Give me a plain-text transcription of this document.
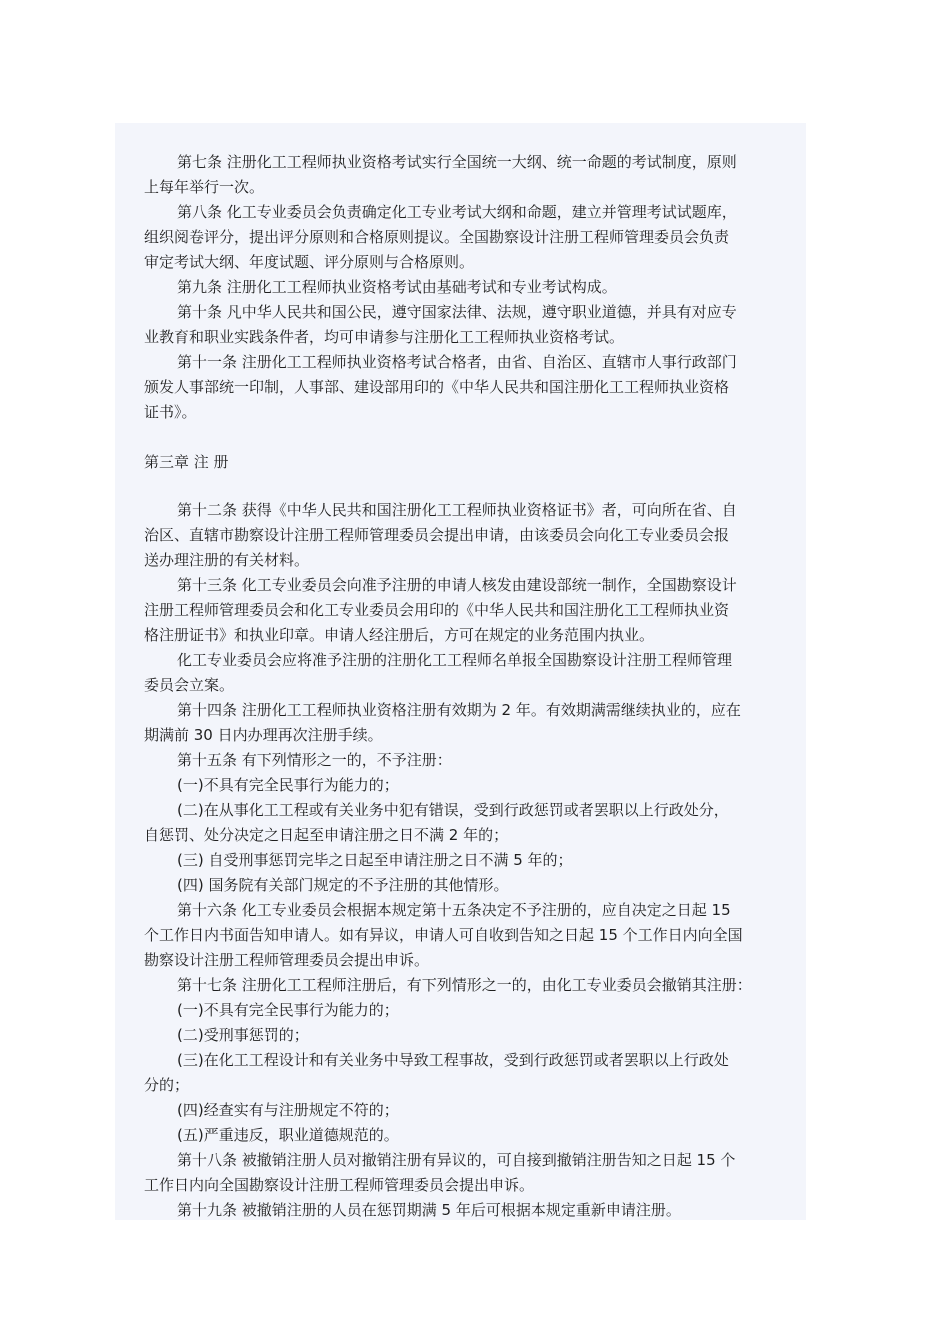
第七条 注册化工工程师执业资格考试实行全国统一大纲、统一命题的考试制度，原则

上每年举行一次。

第八条 化工专业委员会负责确定化工专业考试大纲和命题，建立并管理考试试题库，

组织阅卷评分，提出评分原则和合格原则提议。全国勘察设计注册工程师管理委员会负责

审定考试大纲、年度试题、评分原则与合格原则。

第九条 注册化工工程师执业资格考试由基础考试和专业考试构成。

第十条 凡中华人民共和国公民，遵守国家法律、法规，遵守职业道德，并具有对应专

业教育和职业实践条件者，均可申请参与注册化工工程师执业资格考试。

第十一条 注册化工工程师执业资格考试合格者，由省、自治区、直辖市人事行政部门

颁发人事部统一印制，人事部、建设部用印的《中华人民共和国注册化工工程师执业资格

证书》。

第三章 注 册

第十二条 获得《中华人民共和国注册化工工程师执业资格证书》者，可向所在省、自

治区、直辖市勘察设计注册工程师管理委员会提出申请，由该委员会向化工专业委员会报

送办理注册的有关材料。

第十三条 化工专业委员会向准予注册的申请人核发由建设部统一制作，全国勘察设计

注册工程师管理委员会和化工专业委员会用印的《中华人民共和国注册化工工程师执业资

格注册证书》和执业印章。申请人经注册后，方可在规定的业务范围内执业。

化工专业委员会应将准予注册的注册化工工程师名单报全国勘察设计注册工程师管理

委员会立案。

第十四条 注册化工工程师执业资格注册有效期为 2 年。有效期满需继续执业的，应在

期满前 30 日内办理再次注册手续。

第十五条 有下列情形之一的，不予注册：

(一)不具有完全民事行为能力的；

(二)在从事化工工程或有关业务中犯有错误，受到行政惩罚或者罢职以上行政处分，

自惩罚、处分决定之日起至申请注册之日不满 2 年的；

(三) 自受刑事惩罚完毕之日起至申请注册之日不满 5 年的；

(四) 国务院有关部门规定的不予注册的其他情形。

第十六条 化工专业委员会根据本规定第十五条决定不予注册的，应自决定之日起 15

个工作日内书面告知申请人。如有异议，申请人可自收到告知之日起 15 个工作日内向全国

勘察设计注册工程师管理委员会提出申诉。

第十七条 注册化工工程师注册后，有下列情形之一的，由化工专业委员会撤销其注册：

(一)不具有完全民事行为能力的；

(二)受刑事惩罚的；

(三)在化工工程设计和有关业务中导致工程事故，受到行政惩罚或者罢职以上行政处

分的；

(四)经查实有与注册规定不符的；

(五)严重违反，职业道德规范的。

第十八条 被撤销注册人员对撤销注册有异议的，可自接到撤销注册告知之日起 15 个

工作日内向全国勘察设计注册工程师管理委员会提出申诉。

第十九条 被撤销注册的人员在惩罚期满 5 年后可根据本规定重新申请注册。
